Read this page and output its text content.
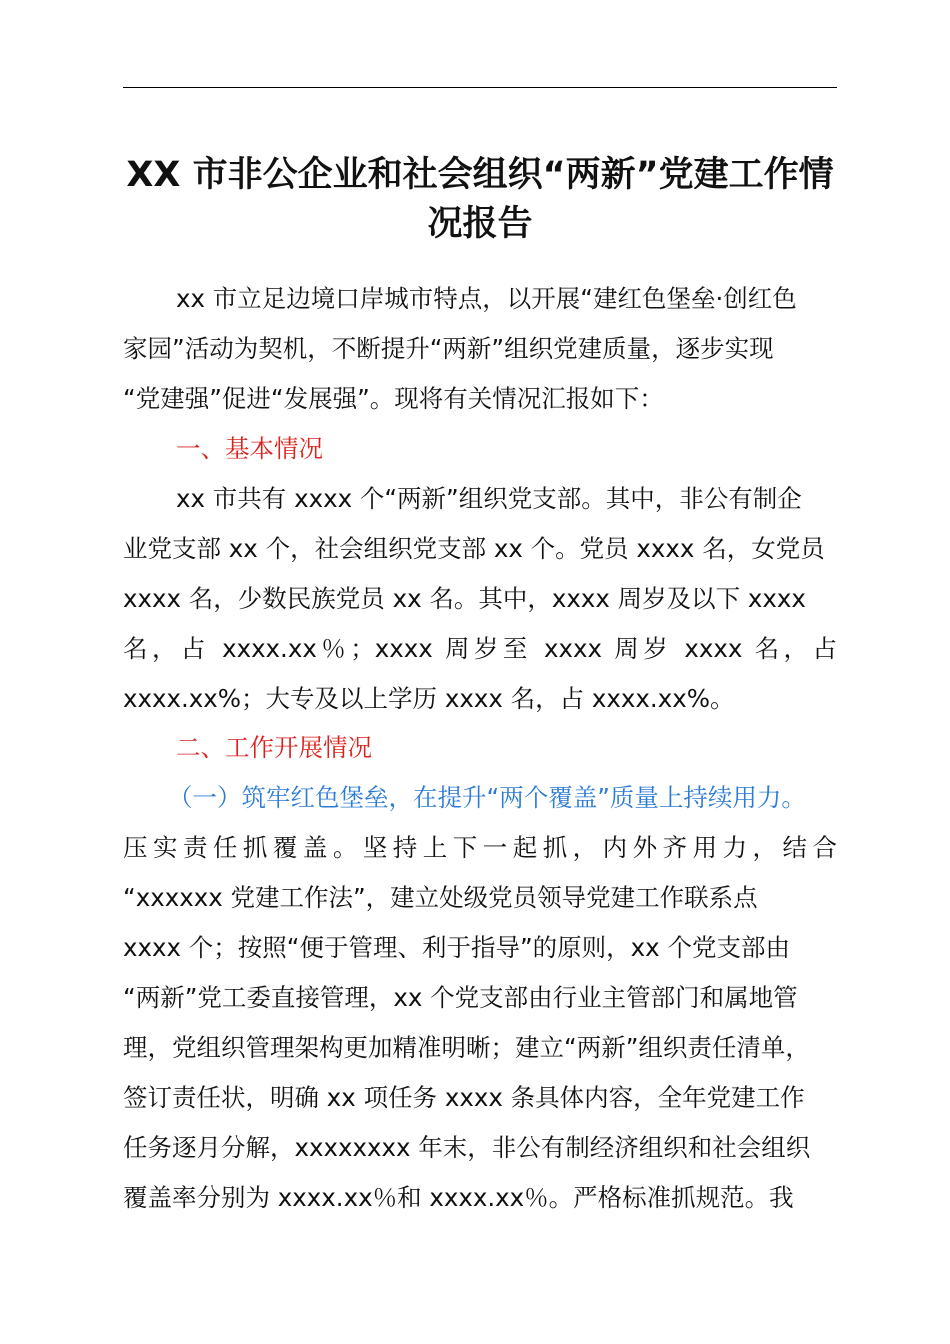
XX 市非公企业和社会组织“两新”党建工作情
况报告
xx 市立足边境口岸城市特点，以开展“建红色堡垒·创红色
家园”活动为契机，不断提升“两新”组织党建质量，逐步实现
“党建强”促进“发展强”。现将有关情况汇报如下：
一、基本情况
xx 市共有 xxxx 个“两新”组织党支部。其中，非公有制企
业党支部 xx 个，社会组织党支部 xx 个。党员 xxxx 名，女党员
xxxx 名，少数民族党员 xx 名。其中，xxxx 周岁及以下 xxxx
名，占 xxxx.xx％；xxxx 周岁至 xxxx 周岁 xxxx 名，占
xxxx.xx%；大专及以上学历 xxxx 名，占 xxxx.xx%。
二、工作开展情况
（一）筑牢红色堡垒，在提升“两个覆盖”质量上持续用力。
压实责任抓覆盖。坚持上下一起抓，内外齐用力，结合
“xxxxxx 党建工作法”，建立处级党员领导党建工作联系点
xxxx 个；按照“便于管理、利于指导”的原则，xx 个党支部由
“两新”党工委直接管理，xx 个党支部由行业主管部门和属地管
理，党组织管理架构更加精准明晰；建立“两新”组织责任清单，
签订责任状，明确 xx 项任务 xxxx 条具体内容，全年党建工作
任务逐月分解，xxxxxxxx 年末，非公有制经济组织和社会组织
覆盖率分别为 xxxx.xx％和 xxxx.xx％。严格标准抓规范。我
